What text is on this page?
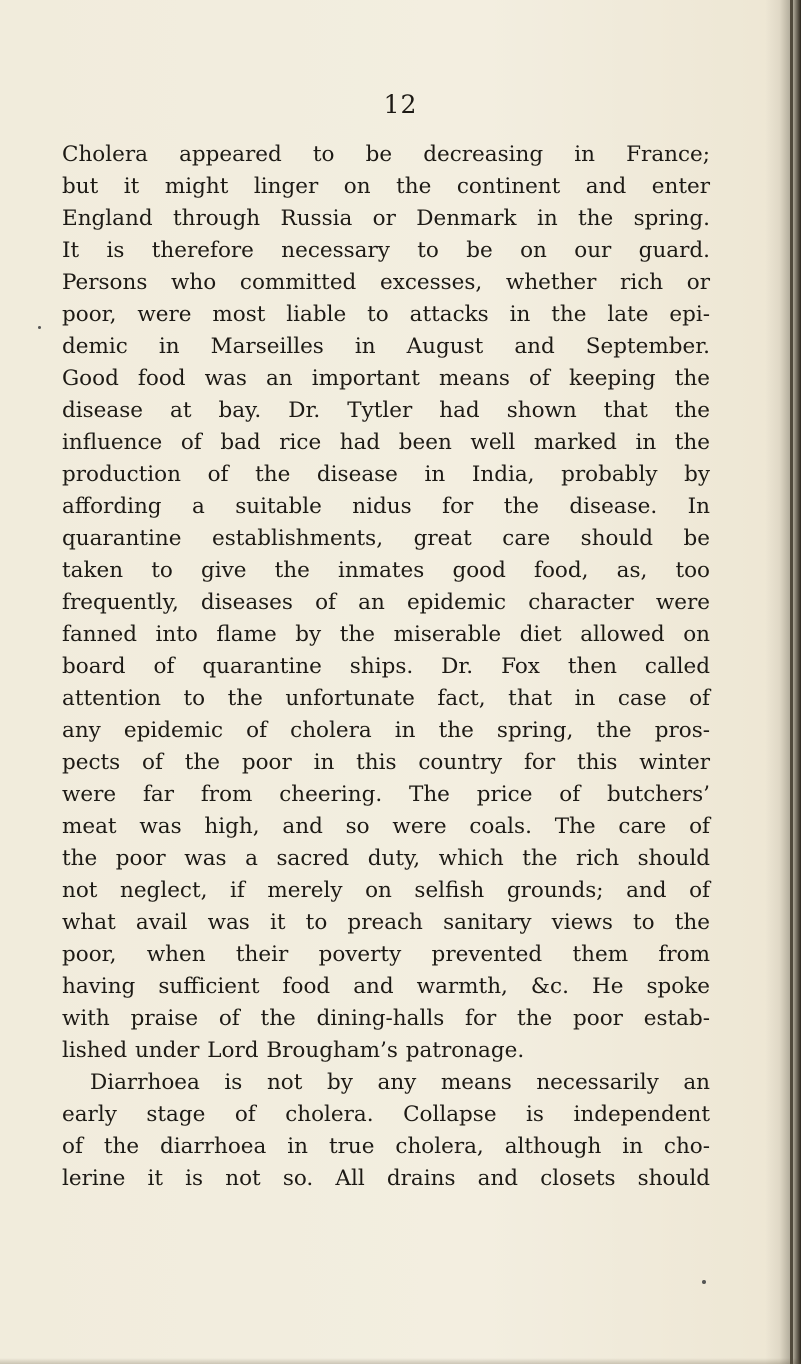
12
Cholera appeared to be decreasing in France;
but it might linger on the continent and enter
England through Russia or Denmark in the spring.
It is therefore necessary to be on our guard.
Persons who committed excesses, whether rich or
poor, were most liable to attacks in the late epi-
demic in Marseilles in August and September.
Good food was an important means of keeping the
disease at bay. Dr. Tytler had shown that the
influence of bad rice had been well marked in the
production of the disease in India, probably by
affording a suitable nidus for the disease. In
quarantine establishments, great care should be
taken to give the inmates good food, as, too
frequently, diseases of an epidemic character were
fanned into flame by the miserable diet allowed on
board of quarantine ships. Dr. Fox then called
attention to the unfortunate fact, that in case of
any epidemic of cholera in the spring, the pros-
pects of the poor in this country for this winter
were far from cheering. The price of butchers’
meat was high, and so were coals. The care of
the poor was a sacred duty, which the rich should
not neglect, if merely on selfish grounds; and of
what avail was it to preach sanitary views to the
poor, when their poverty prevented them from
having sufficient food and warmth, &c. He spoke
with praise of the dining-halls for the poor estab-
lished under Lord Brougham’s patronage.
Diarrhoea is not by any means necessarily an
early stage of cholera. Collapse is independent
of the diarrhoea in true cholera, although in cho-
lerine it is not so. All drains and closets should
